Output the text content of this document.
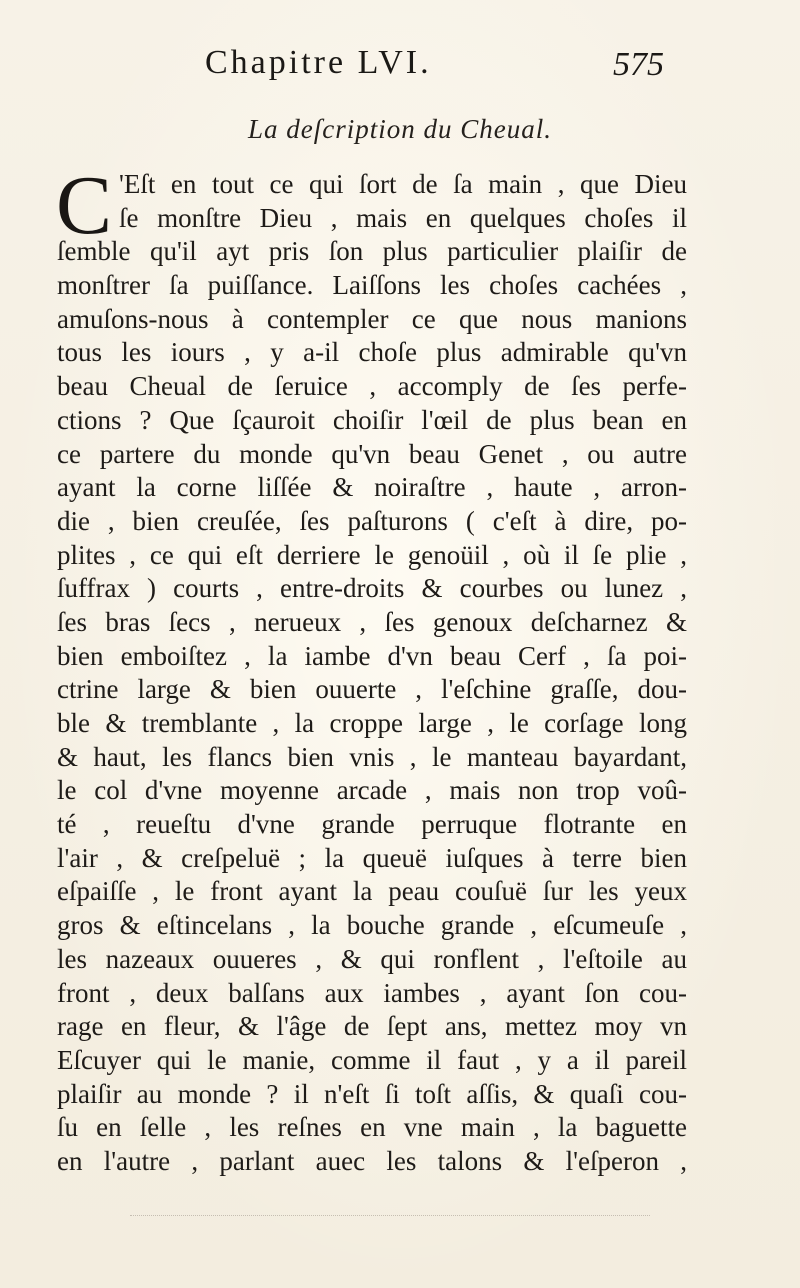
Chapitre LVI.	575
La deſcription du Cheual.
C 'Eſt en tout ce qui ſort de ſa main , que Dieu
ſe monſtre Dieu , mais en quelques choſes il
ſemble qu'il ayt pris ſon plus particulier plaiſir de
monſtrer ſa puiſſance. Laiſſons les choſes cachées ,
amuſons-nous à contempler ce que nous manions
tous les iours , y a-il choſe plus admirable qu'vn
beau Cheual de ſeruice , accomply de ſes perfe-
ctions ? Que ſçauroit choiſir l'œil de plus bean en
ce partere du monde qu'vn beau Genet , ou autre
ayant la corne liſſée & noiraſtre , haute , arron-
die , bien creuſée, ſes paſturons ( c'eſt à dire, po-
plites , ce qui eſt derriere le genoüil , où il ſe plie ,
ſuffrax ) courts , entre-droits & courbes ou lunez ,
ſes bras ſecs , nerueux , ſes genoux deſcharnez &
bien emboiſtez , la iambe d'vn beau Cerf , ſa poi-
ctrine large & bien ouuerte , l'eſchine graſſe, dou-
ble & tremblante , la croppe large , le corſage long
& haut, les flancs bien vnis , le manteau bayardant,
le col d'vne moyenne arcade , mais non trop voû-
té , reueſtu d'vne grande perruque flotrante en
l'air , & creſpeluë ; la queuë iuſques à terre bien
eſpaiſſe , le front ayant la peau couſuë ſur les yeux
gros & eſtincelans , la bouche grande , eſcumeuſe ,
les nazeaux ouueres , & qui ronflent , l'eſtoile au
front , deux balſans aux iambes , ayant ſon cou-
rage en fleur, & l'âge de ſept ans, mettez moy vn
Eſcuyer qui le manie, comme il faut , y a il pareil
plaiſir au monde ? il n'eſt ſi toſt aſſis, & quaſi cou-
ſu en ſelle , les reſnes en vne main , la baguette
en l'autre , parlant auec les talons & l'eſperon ,
